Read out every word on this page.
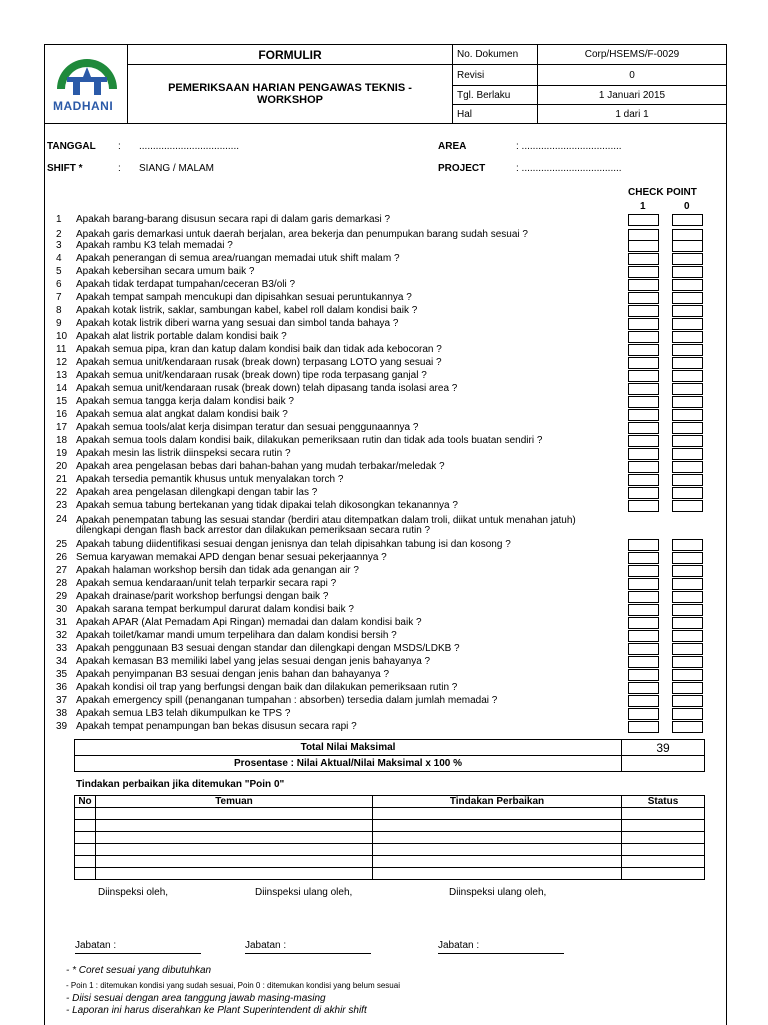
MADHANI	FORMULIR	No. Dokumen	Corp/HSEMS/F-0029
	PEMERIKSAAN HARIAN PENGAWAS TEKNIS - WORKSHOP	Revisi	0
		Tgl. Berlaku	1 Januari 2015
		Hal	1 dari 1
TANGGAL : ....................................
SHIFT *	: SIANG / MALAM
AREA	: ....................................
PROJECT	: ....................................
CHECK POINT
1	0
1 Apakah barang-barang disusun secara rapi di dalam garis demarkasi ?
2 Apakah garis demarkasi untuk daerah berjalan, area bekerja dan penumpukan barang sudah sesuai ?
3 Apakah rambu K3 telah memadai ?
4 Apakah penerangan di semua area/ruangan memadai utuk shift malam ?
5 Apakah kebersihan secara umum baik ?
6 Apakah tidak terdapat tumpahan/ceceran B3/oli ?
7 Apakah tempat sampah mencukupi dan dipisahkan sesuai peruntukannya ?
8 Apakah kotak listrik, saklar, sambungan kabel, kabel roll dalam kondisi baik ?
9 Apakah kotak listrik diberi warna yang sesuai dan simbol tanda bahaya ?
10 Apakah alat listrik portable dalam kondisi baik ?
11 Apakah semua pipa, kran dan katup dalam kondisi baik dan tidak ada kebocoran ?
12 Apakah semua unit/kendaraan rusak (break down) terpasang LOTO yang sesuai ?
13 Apakah semua unit/kendaraan rusak (break down) tipe roda terpasang ganjal ?
14 Apakah semua unit/kendaraan rusak (break down) telah dipasang tanda isolasi area ?
15 Apakah semua tangga kerja dalam kondisi baik ?
16 Apakah semua alat angkat dalam kondisi baik ?
17 Apakah semua tools/alat kerja disimpan teratur dan sesuai penggunaannya ?
18 Apakah semua tools dalam kondisi baik, dilakukan pemeriksaan rutin dan tidak ada tools buatan sendiri ?
19 Apakah mesin las listrik diinspeksi secara rutin ?
20 Apakah area pengelasan bebas dari bahan-bahan yang mudah terbakar/meledak ?
21 Apakah tersedia pemantik khusus untuk menyalakan torch ?
22 Apakah area pengelasan dilengkapi dengan tabir las ?
23 Apakah semua tabung bertekanan yang tidak dipakai telah dikosongkan tekanannya ?
24 Apakah penempatan tabung las sesuai standar (berdiri atau ditempatkan dalam troli, diikat untuk menahan jatuh)
dilengkapi dengan flash back arrestor dan dilakukan pemeriksaan secara rutin ?
25 Apakah tabung diidentifikasi sesuai dengan jenisnya dan telah dipisahkan tabung isi dan kosong ?
26 Semua karyawan memakai APD dengan benar sesuai pekerjaannya ?
27 Apakah halaman workshop bersih dan tidak ada genangan air ?
28 Apakah semua kendaraan/unit telah terparkir secara rapi ?
29 Apakah drainase/parit workshop berfungsi dengan baik ?
30 Apakah sarana tempat berkumpul darurat dalam kondisi baik ?
31 Apakah APAR (Alat Pemadam Api Ringan) memadai dan dalam kondisi baik ?
32 Apakah toilet/kamar mandi umum terpelihara dan dalam kondisi bersih ?
33 Apakah penggunaan B3 sesuai dengan standar dan dilengkapi dengan MSDS/LDKB ?
34 Apakah kemasan B3 memiliki label yang jelas sesuai dengan jenis bahayanya ?
35 Apakah penyimpanan B3 sesuai dengan jenis bahan dan bahayanya ?
36 Apakah kondisi oil trap yang berfungsi dengan baik dan dilakukan pemeriksaan rutin ?
37 Apakah emergency spill (penanganan tumpahan : absorben) tersedia dalam jumlah memadai ?
38 Apakah semua LB3 telah dikumpulkan ke TPS ?
39 Apakah tempat penampungan ban bekas disusun secara rapi ?
Total Nilai Maksimal	39
Prosentase : Nilai Aktual/Nilai Maksimal x 100 %	
Tindakan perbaikan jika ditemukan "Poin 0"
No	Temuan	Tindakan Perbaikan	Status

Diinspeksi oleh,	Diinspeksi ulang oleh,	Diinspeksi ulang oleh,
Jabatan :	Jabatan :	Jabatan :
- * Coret sesuai yang dibutuhkan
- Poin 1 : ditemukan kondisi yang sudah sesuai, Poin 0 : ditemukan kondisi yang belum sesuai
- Diisi sesuai dengan area tanggung jawab masing-masing
- Laporan ini harus diserahkan ke Plant Superintendent di akhir shift
